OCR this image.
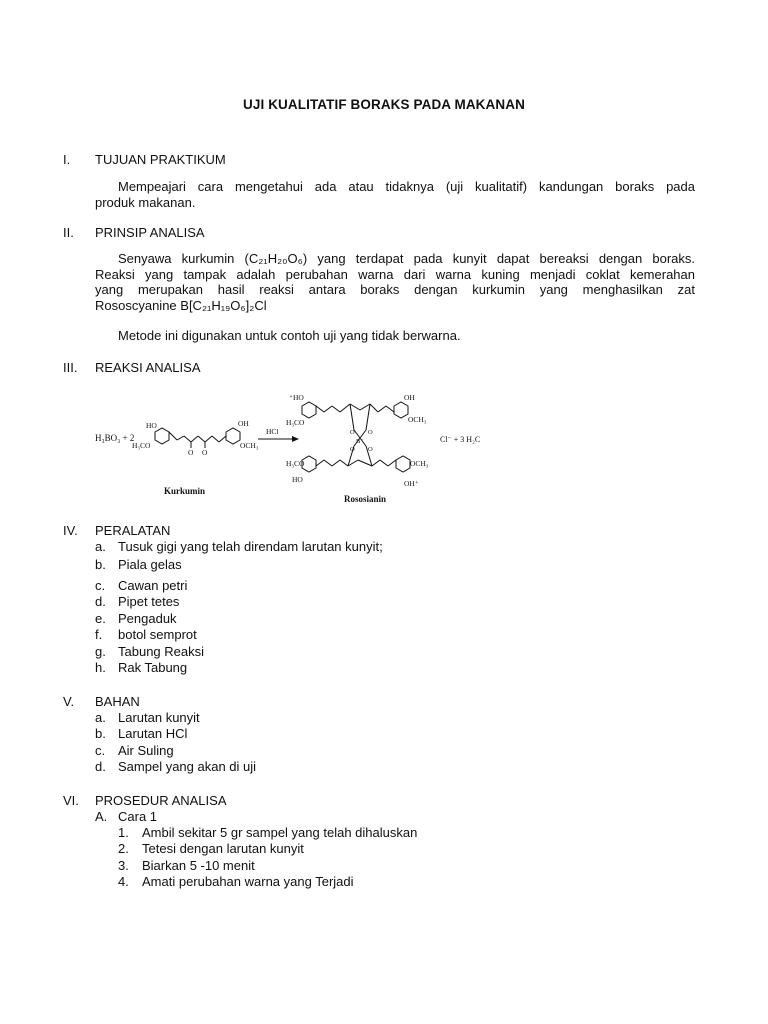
UJI KUALITATIF BORAKS PADA MAKANAN
I.	TUJUAN PRAKTIKUM
Mempeajari cara mengetahui ada atau tidaknya (uji kualitatif) kandungan boraks pada
produk makanan.
II.	PRINSIP ANALISA
Senyawa kurkumin (C₂₁H₂₀O₆) yang terdapat pada kunyit dapat bereaksi dengan boraks.
Reaksi yang tampak adalah perubahan warna dari warna kuning menjadi coklat kemerahan
yang merupakan hasil reaksi antara boraks dengan kurkumin yang menghasilkan zat
Rososcyanine B[C₂₁H₁₉O₆]₂Cl
Metode ini digunakan untuk contoh uji yang tidak berwarna.
III.	REAKSI ANALISA
H₃BO₃ + 2
HO
H₃CO
O O
OH
OCH₃
Kurkumin
HCl
⁺HO
H₃CO
OH
OCH₃
O O
B⁻
O O
H₃CO
HO
OCH₃
OH⁺
Rososianin
Cl⁻ + 3 H₂C
IV.	PERALATAN
a. Tusuk gigi yang telah direndam larutan kunyit;
b. Piala gelas
c. Cawan petri
d. Pipet tetes
e. Pengaduk
f.	botol semprot
g. Tabung Reaksi
h. Rak Tabung
V.	BAHAN
a. Larutan kunyit
b. Larutan HCl
c. Air Suling
d. Sampel yang akan di uji
VI.	PROSEDUR ANALISA
A. Cara 1
1.	Ambil sekitar 5 gr sampel yang telah dihaluskan
2.	Tetesi dengan larutan kunyit
3.	Biarkan 5 -10 menit
4.	Amati perubahan warna yang Terjadi
